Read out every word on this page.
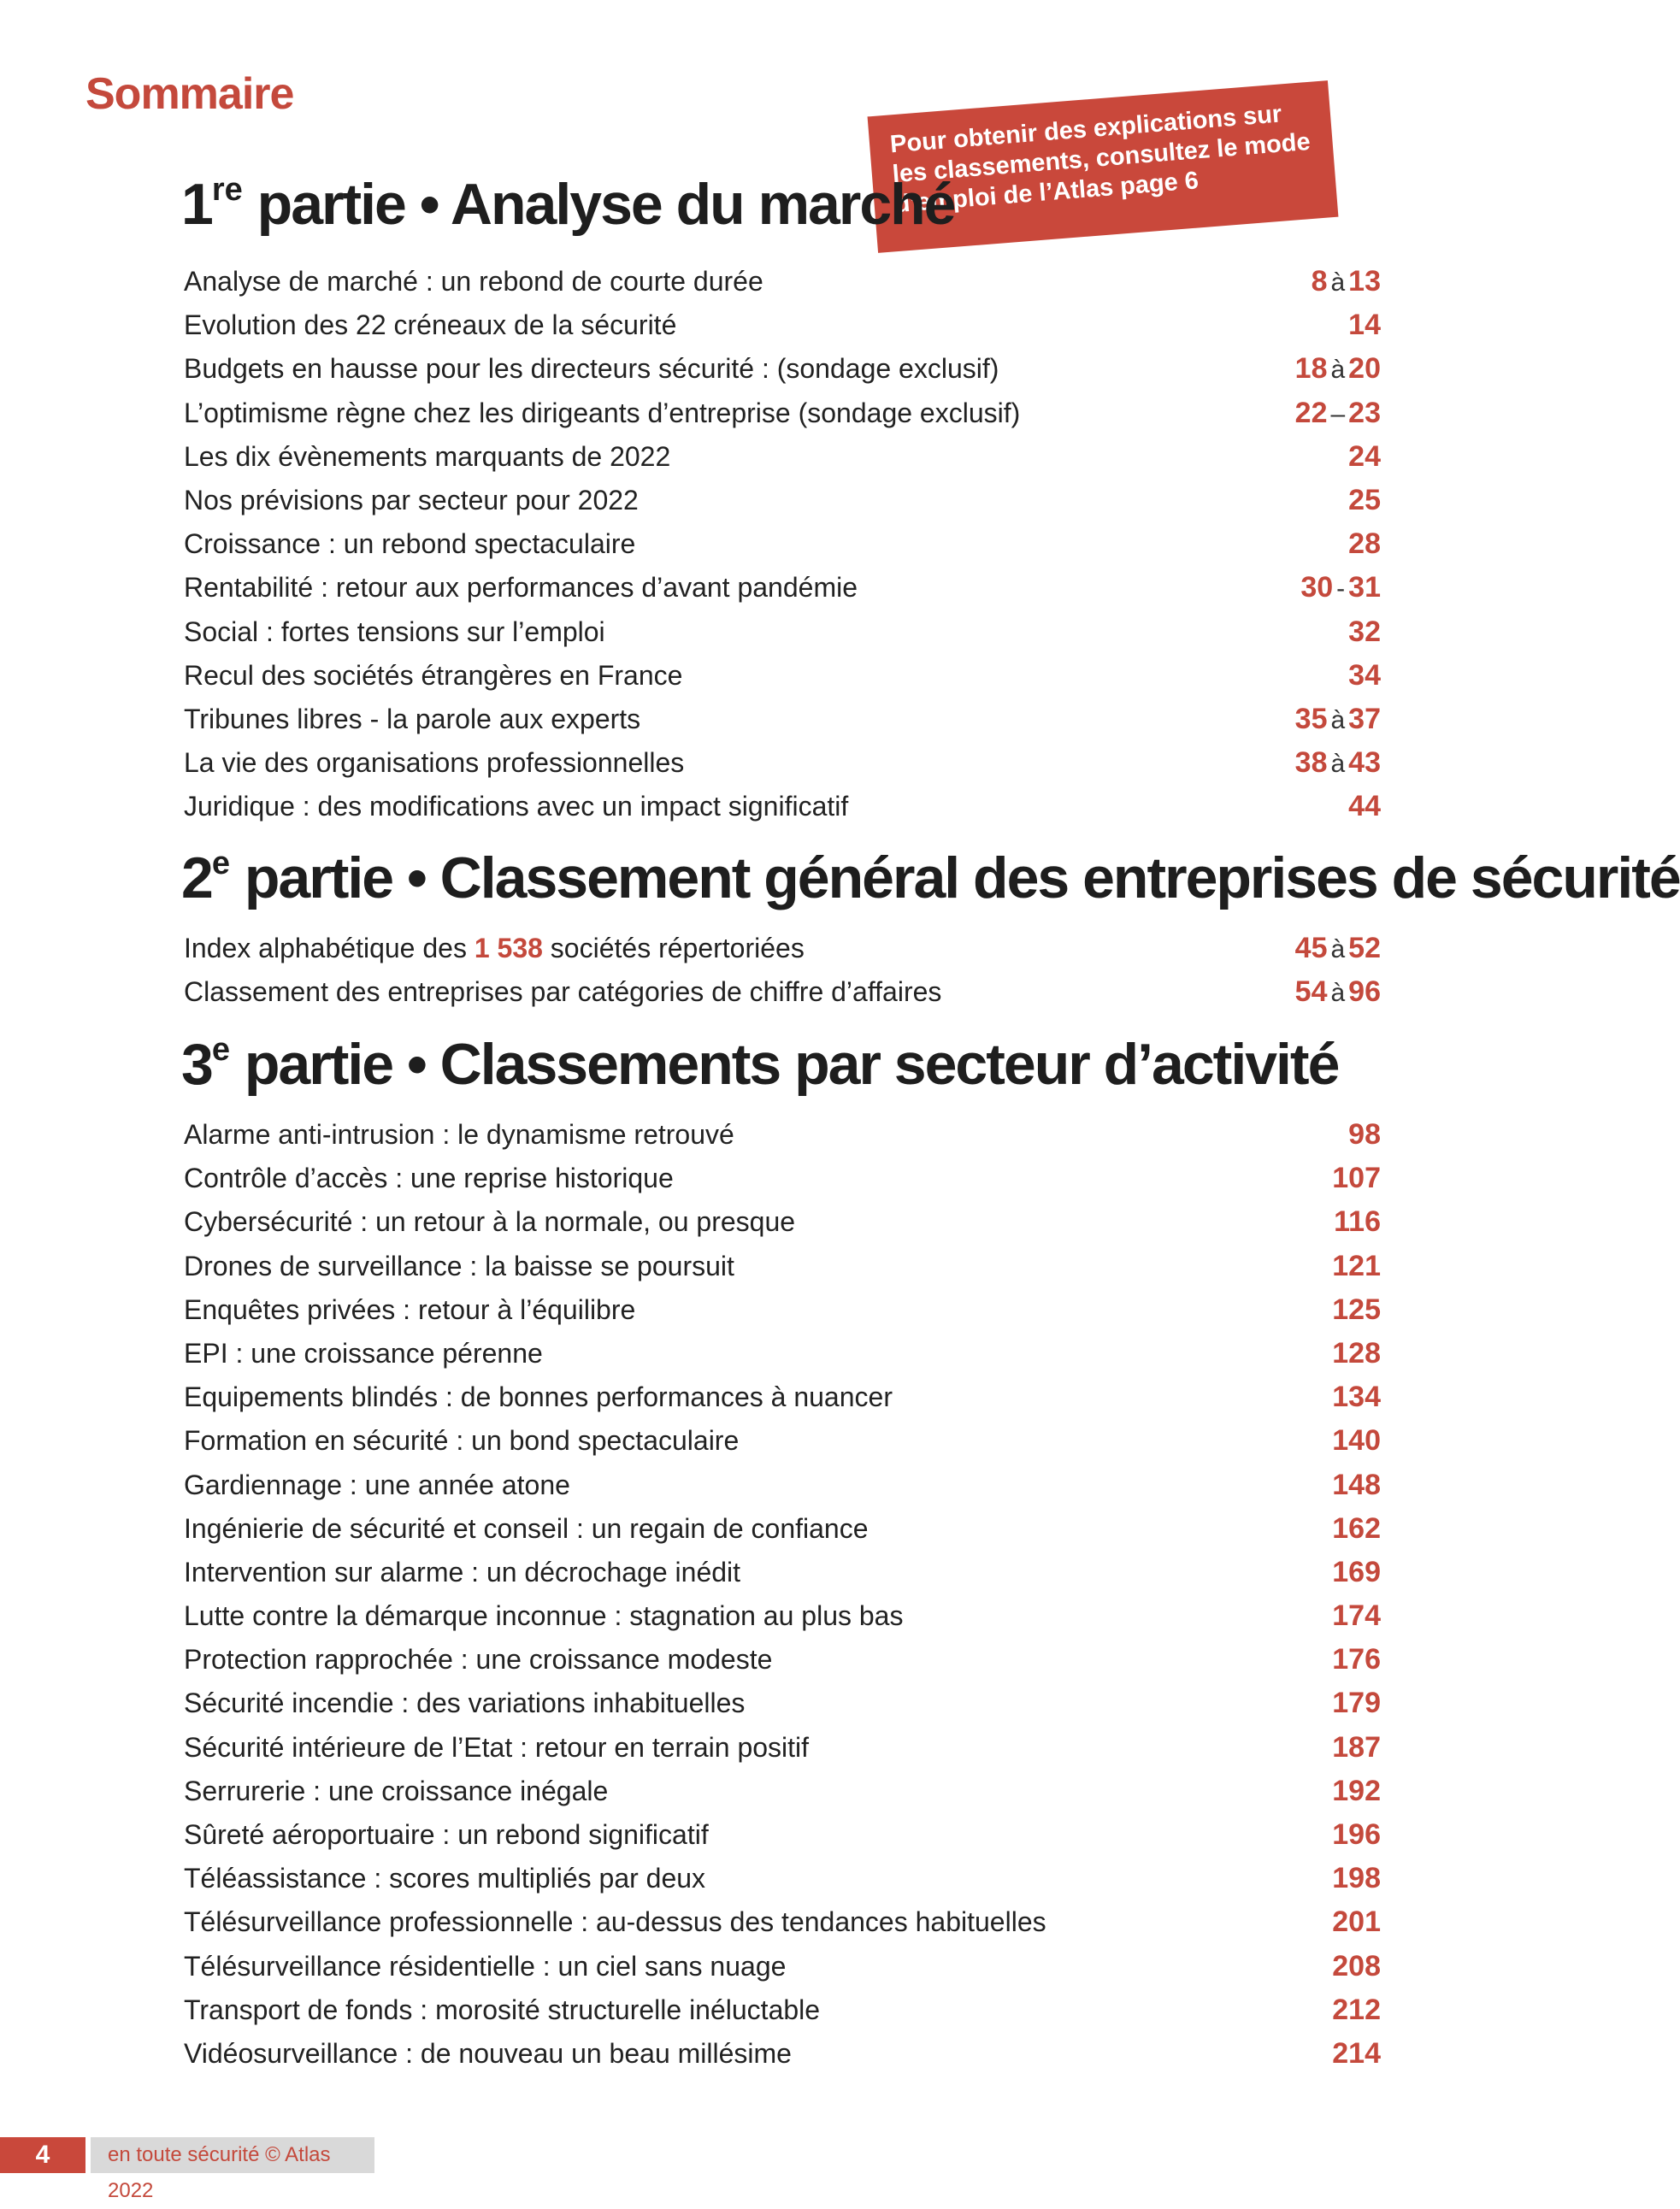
Sommaire

Pour obtenir des explications sur les classements, consultez le mode d’emploi de l’Atlas page 6

1re partie • Analyse du marché
Analyse de marché : un rebond de courte durée	8 à 13
Evolution des 22 créneaux de la sécurité	14
Budgets en hausse pour les directeurs sécurité : (sondage exclusif)	18 à 20
L’optimisme règne chez les dirigeants d’entreprise (sondage exclusif)	22 – 23
Les dix évènements marquants de 2022	24
Nos prévisions par secteur pour 2022	25
Croissance : un rebond spectaculaire	28
Rentabilité : retour aux performances d’avant pandémie	30 - 31
Social : fortes tensions sur l’emploi	32
Recul des sociétés étrangères en France	34
Tribunes libres - la parole aux experts	35 à 37
La vie des organisations professionnelles	38 à 43
Juridique : des modifications avec un impact significatif	44
2e partie • Classement général des entreprises de sécurité
Index alphabétique des 1 538 sociétés répertoriées	45 à 52
Classement des entreprises par catégories de chiffre d’affaires	54 à 96
3e partie • Classements par secteur d’activité
Alarme anti-intrusion : le dynamisme retrouvé	98
Contrôle d’accès : une reprise historique	107
Cybersécurité : un retour à la normale, ou presque	116
Drones de surveillance : la baisse se poursuit	121
Enquêtes privées : retour à l’équilibre	125
EPI : une croissance pérenne	128
Equipements blindés : de bonnes performances à nuancer	134
Formation en sécurité : un bond spectaculaire	140
Gardiennage : une année atone	148
Ingénierie de sécurité et conseil : un regain de confiance	162
Intervention sur alarme : un décrochage inédit	169
Lutte contre la démarque inconnue : stagnation au plus bas	174
Protection rapprochée : une croissance modeste	176
Sécurité incendie : des variations inhabituelles	179
Sécurité intérieure de l’Etat : retour en terrain positif	187
Serrurerie : une croissance inégale	192
Sûreté aéroportuaire : un rebond significatif	196
Téléassistance : scores multipliés par deux	198
Télésurveillance professionnelle : au-dessus des tendances habituelles	201
Télésurveillance résidentielle : un ciel sans nuage	208
Transport de fonds : morosité structurelle inéluctable	212
Vidéosurveillance : de nouveau un beau millésime	214
4	en toute sécurité © Atlas 2022
